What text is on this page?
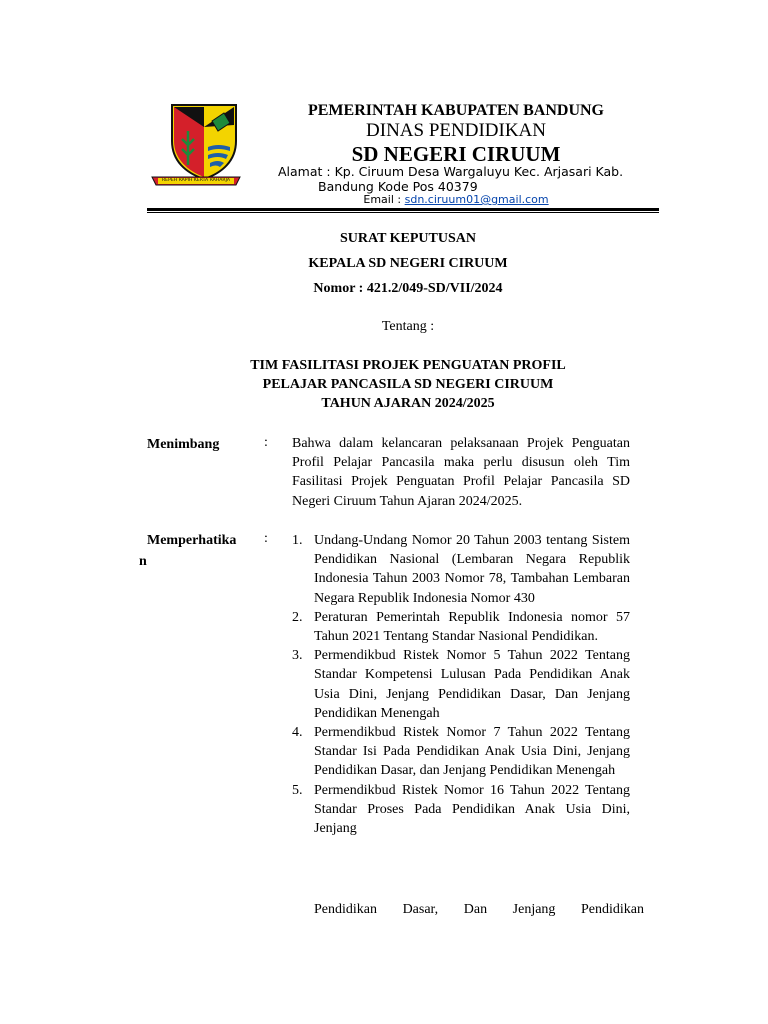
REPEH RAPIH KERTA RAHARJA
PEMERINTAH KABUPATEN BANDUNG
DINAS PENDIDIKAN
SD NEGERI CIRUUM
Alamat : Kp. Ciruum Desa Wargaluyu Kec. Arjasari Kab.
Bandung Kode Pos 40379
Email : sdn.ciruum01@gmail.com
SURAT KEPUTUSAN
KEPALA SD NEGERI CIRUUM
Nomor : 421.2/049-SD/VII/2024
Tentang :
TIM FASILITASI PROJEK PENGUATAN PROFIL
PELAJAR PANCASILA SD NEGERI CIRUUM
TAHUN AJARAN 2024/2025
Menimbang	: Bahwa dalam kelancaran pelaksanaan Projek Penguatan Profil Pelajar Pancasila maka perlu disusun oleh Tim Fasilitasi Projek Penguatan Profil Pelajar Pancasila SD Negeri Ciruum Tahun Ajaran 2024/2025.
Memperhatika
n
: 1. Undang-Undang Nomor 20 Tahun 2003 tentang Sistem Pendidikan Nasional (Lembaran Negara Republik Indonesia Tahun 2003 Nomor 78, Tambahan Lembaran Negara Republik Indonesia Nomor 430
2. Peraturan Pemerintah Republik Indonesia nomor 57 Tahun 2021 Tentang Standar Nasional Pendidikan.
3. Permendikbud Ristek Nomor 5 Tahun 2022 Tentang Standar Kompetensi Lulusan Pada Pendidikan Anak Usia Dini, Jenjang Pendidikan Dasar, Dan Jenjang Pendidikan Menengah
4. Permendikbud Ristek Nomor 7 Tahun 2022 Tentang Standar Isi Pada Pendidikan Anak Usia Dini, Jenjang Pendidikan Dasar, dan Jenjang Pendidikan Menengah
5. Permendikbud Ristek Nomor 16 Tahun 2022 Tentang Standar Proses Pada Pendidikan Anak Usia Dini, Jenjang
Pendidikan Dasar, Dan Jenjang Pendidikan
